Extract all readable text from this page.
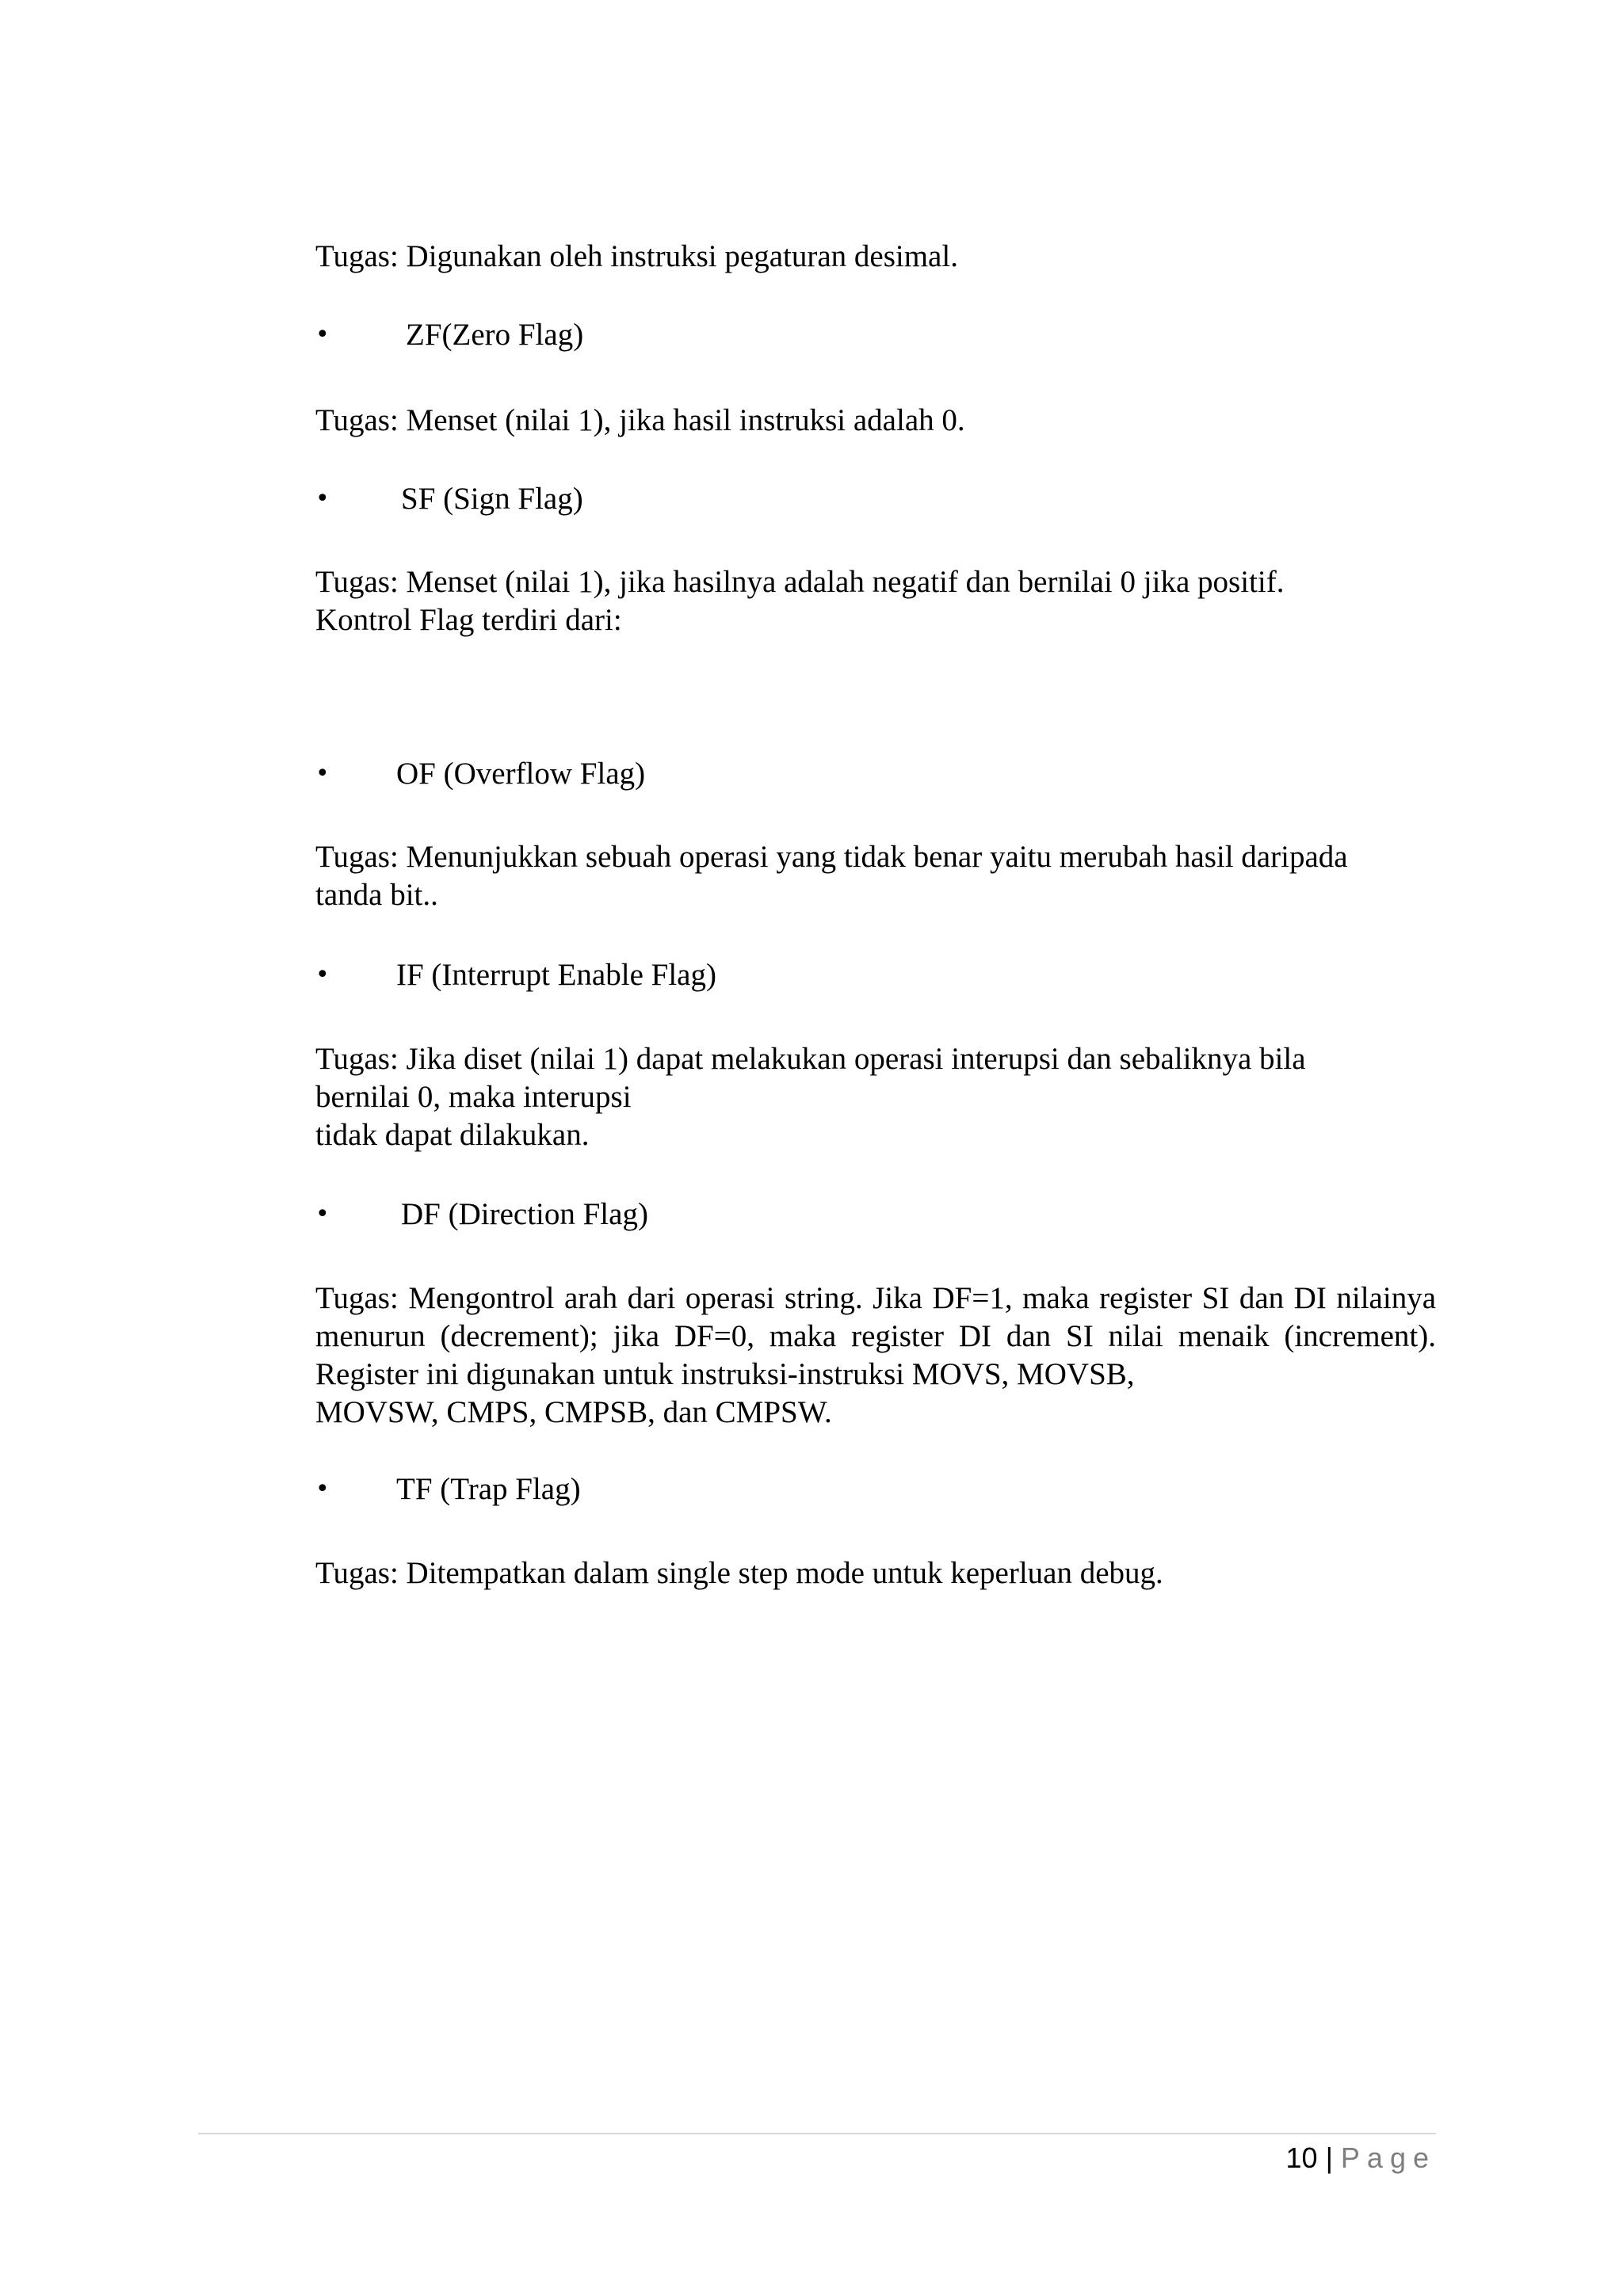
Tugas: Digunakan oleh instruksi pegaturan desimal.
• ZF(Zero Flag)
Tugas: Menset (nilai 1), jika hasil instruksi adalah 0.
• SF (Sign Flag)
Tugas: Menset (nilai 1), jika hasilnya adalah negatif dan bernilai 0 jika positif.
Kontrol Flag terdiri dari:
• OF (Overflow Flag)
Tugas: Menunjukkan sebuah operasi yang tidak benar yaitu merubah hasil daripada
tanda bit..
• IF (Interrupt Enable Flag)
Tugas: Jika diset (nilai 1) dapat melakukan operasi interupsi dan sebaliknya bila
bernilai 0, maka interupsi
tidak dapat dilakukan.
• DF (Direction Flag)
Tugas: Mengontrol arah dari operasi string. Jika DF=1, maka register SI dan DI nilainya menurun (decrement); jika DF=0, maka register DI dan SI nilai menaik (increment). Register ini digunakan untuk instruksi-instruksi MOVS, MOVSB,
MOVSW, CMPS, CMPSB, dan CMPSW.
• TF (Trap Flag)
Tugas: Ditempatkan dalam single step mode untuk keperluan debug.
10 | Page
